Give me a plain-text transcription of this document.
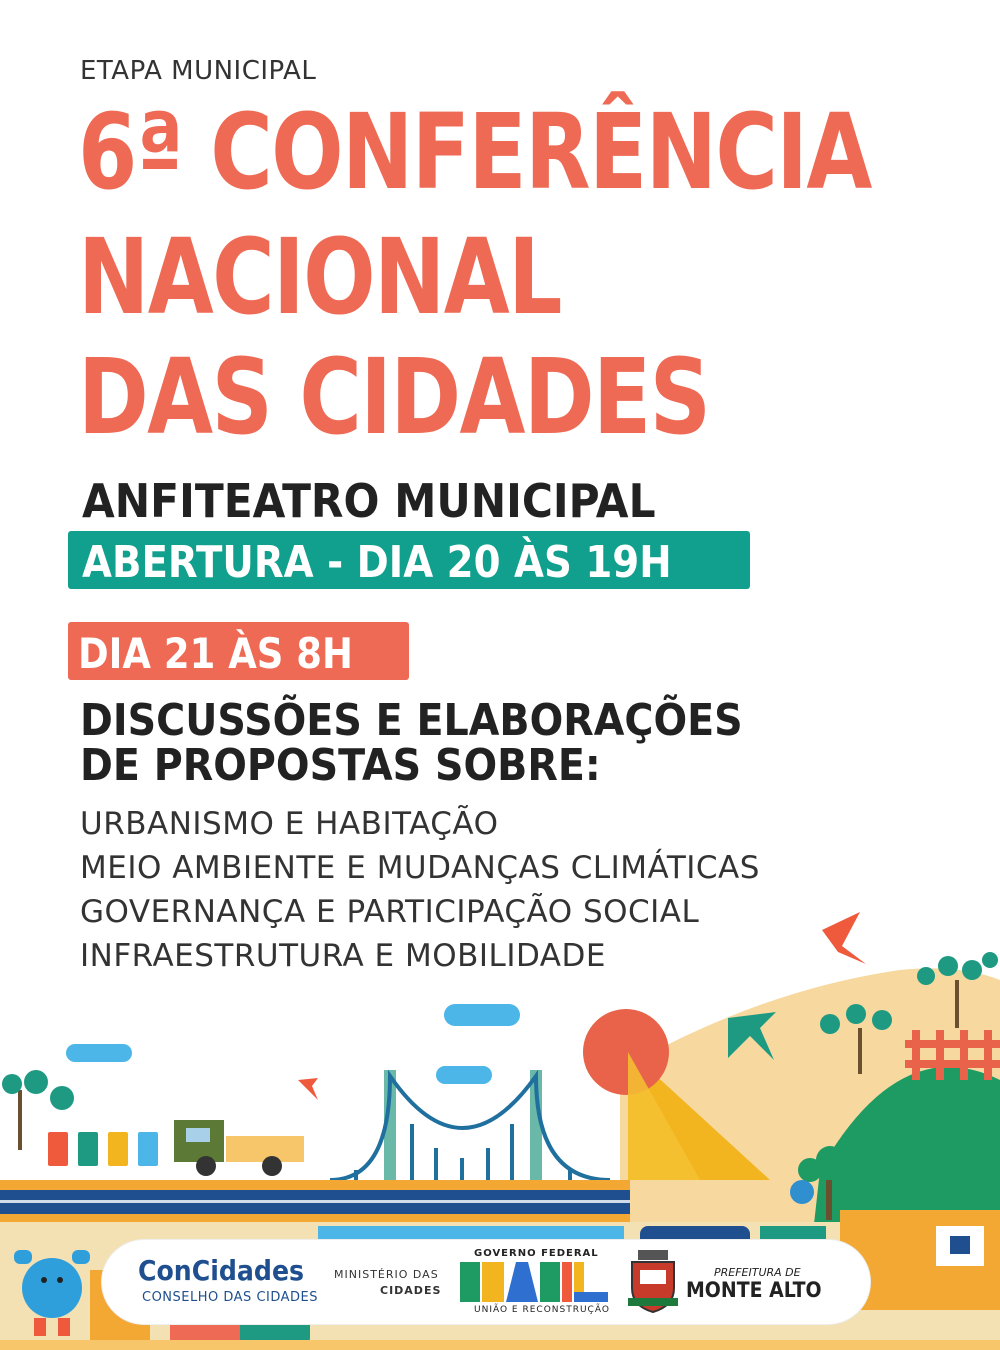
ETAPA MUNICIPAL
6ª CONFERÊNCIA
NACIONAL
DAS CIDADES
ANFITEATRO MUNICIPAL
ABERTURA - DIA 20 ÀS 19H
DIA 21 ÀS 8H
DISCUSSÕES E ELABORAÇÕES
DE PROPOSTAS SOBRE:
URBANISMO E HABITAÇÃO
MEIO AMBIENTE E MUDANÇAS CLIMÁTICAS
GOVERNANÇA E PARTICIPAÇÃO SOCIAL
INFRAESTRUTURA E MOBILIDADE
ConCidades
CONSELHO DAS CIDADES
MINISTÉRIO DAS
CIDADES
GOVERNO FEDERAL
UNIÃO E RECONSTRUÇÃO
PREFEITURA DE
MONTE ALTO
